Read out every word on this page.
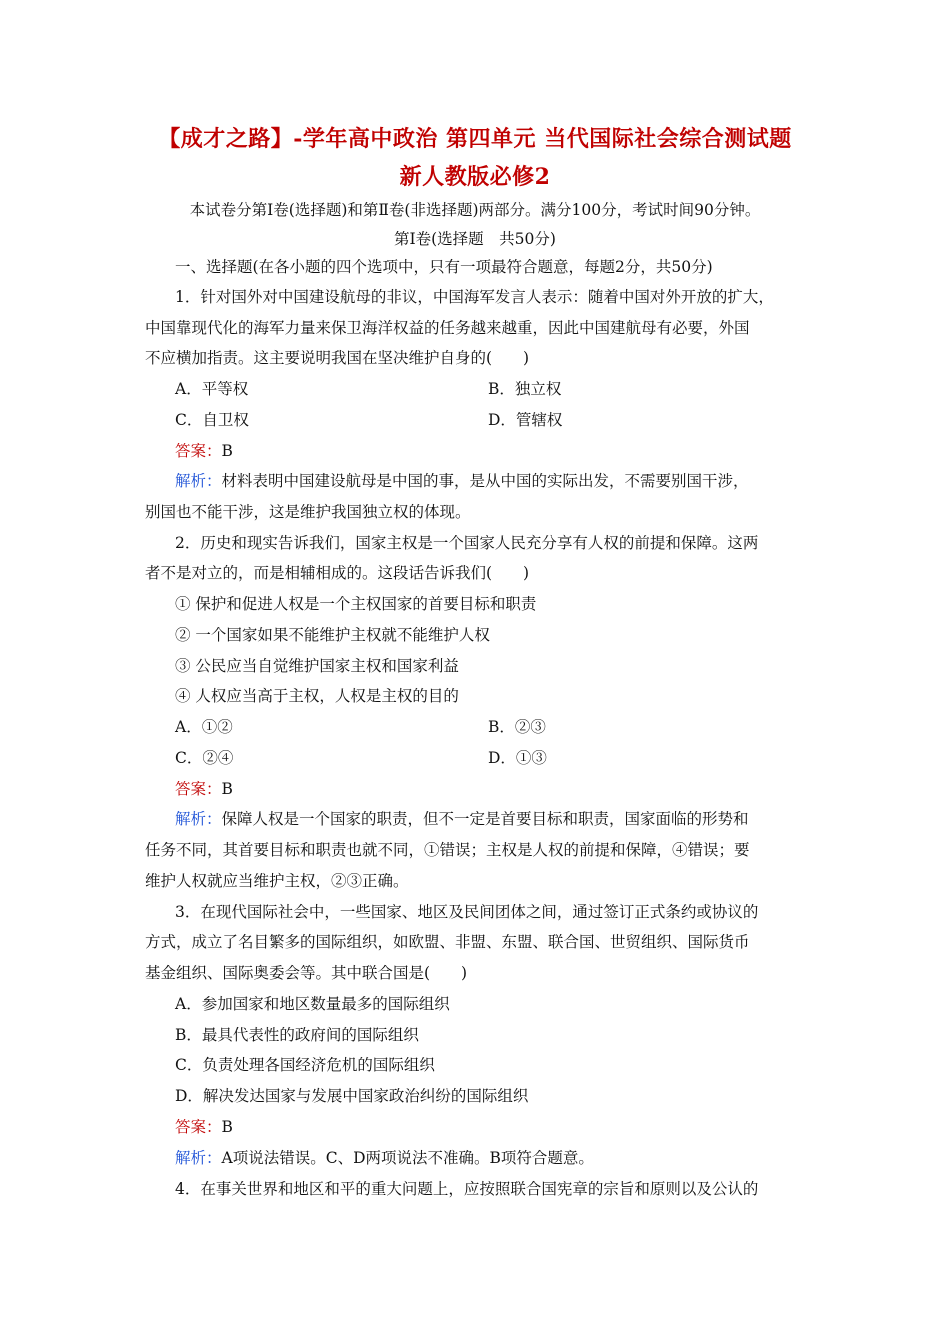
【成才之路】-学年高中政治 第四单元 当代国际社会综合测试题
新人教版必修2
本试卷分第Ⅰ卷(选择题)和第Ⅱ卷(非选择题)两部分。满分100分，考试时间90分钟。
第Ⅰ卷(选择题　共50分)
一、选择题(在各小题的四个选项中，只有一项最符合题意，每题2分，共50分)
1．针对国外对中国建设航母的非议，中国海军发言人表示：随着中国对外开放的扩大，
中国靠现代化的海军力量来保卫海洋权益的任务越来越重，因此中国建航母有必要，外国
不应横加指责。这主要说明我国在坚决维护自身的(　　)
A．平等权	B．独立权
C．自卫权	D．管辖权
答案：B
解析：材料表明中国建设航母是中国的事，是从中国的实际出发，不需要别国干涉，
别国也不能干涉，这是维护我国独立权的体现。
2．历史和现实告诉我们，国家主权是一个国家人民充分享有人权的前提和保障。这两
者不是对立的，而是相辅相成的。这段话告诉我们(　　)
① 保护和促进人权是一个主权国家的首要目标和职责
② 一个国家如果不能维护主权就不能维护人权
③ 公民应当自觉维护国家主权和国家利益
④ 人权应当高于主权，人权是主权的目的
A．①②	B．②③
C．②④	D．①③
答案：B
解析：保障人权是一个国家的职责，但不一定是首要目标和职责，国家面临的形势和
任务不同，其首要目标和职责也就不同，①错误；主权是人权的前提和保障，④错误；要
维护人权就应当维护主权，②③正确。
3．在现代国际社会中，一些国家、地区及民间团体之间，通过签订正式条约或协议的
方式，成立了名目繁多的国际组织，如欧盟、非盟、东盟、联合国、世贸组织、国际货币
基金组织、国际奥委会等。其中联合国是(　　)
A．参加国家和地区数量最多的国际组织
B．最具代表性的政府间的国际组织
C．负责处理各国经济危机的国际组织
D．解决发达国家与发展中国家政治纠纷的国际组织
答案：B
解析：A项说法错误。C、D两项说法不准确。B项符合题意。
4．在事关世界和地区和平的重大问题上，应按照联合国宪章的宗旨和原则以及公认的
